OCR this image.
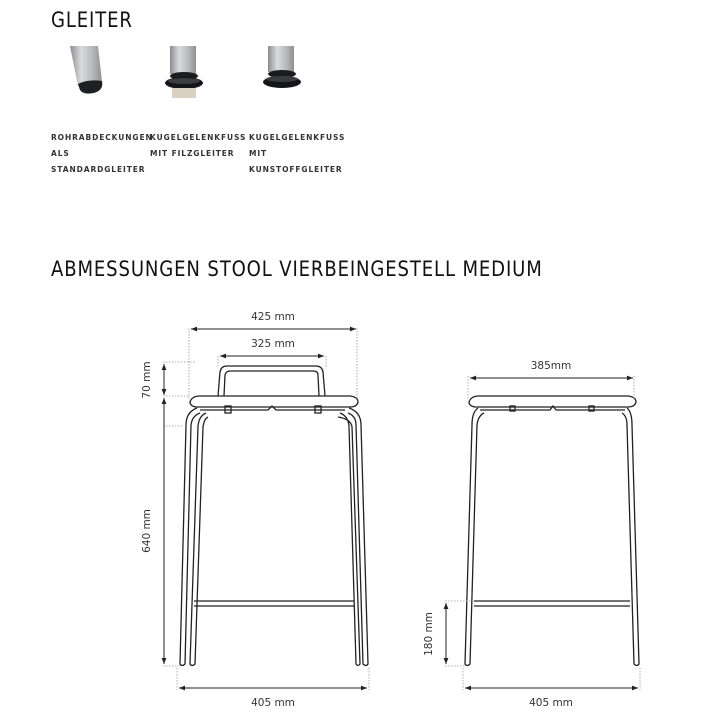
GLEITER
ROHRABDECKUNGEN
ALS
STANDARDGLEITER
KUGELGELENKFUSS
MIT FILZGLEITER
KUGELGELENKFUSS
MIT
KUNSTOFFGLEITER
ABMESSUNGEN STOOL VIERBEINGESTELL MEDIUM
425 mm
325 mm
70 mm
640 mm
405 mm
385mm
180 mm
405 mm
